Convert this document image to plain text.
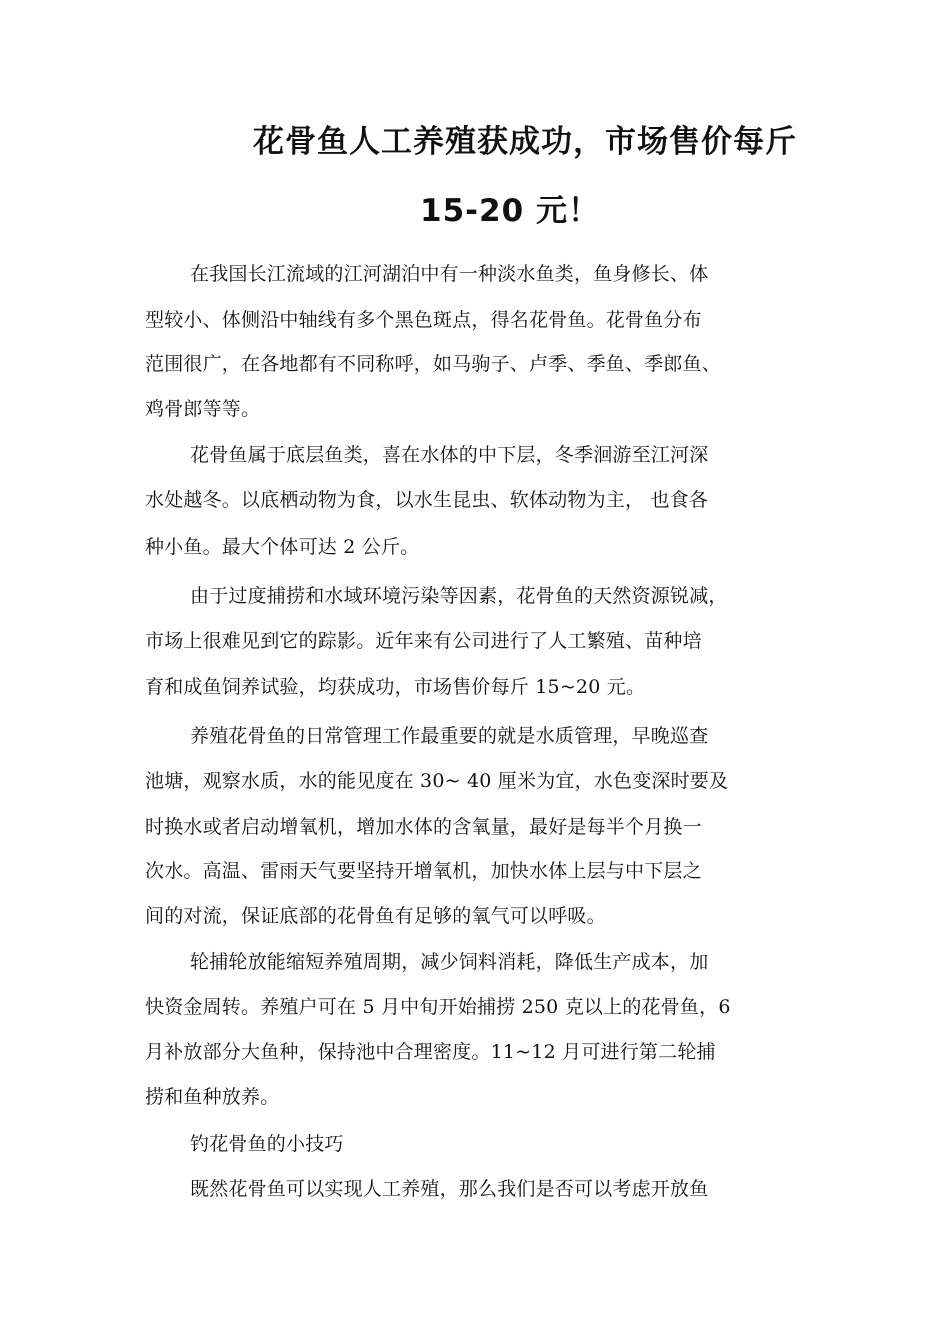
花骨鱼人工养殖获成功，市场售价每斤
15-20 元！
在我国长江流域的江河湖泊中有一种淡水鱼类，鱼身修长、体
型较小、体侧沿中轴线有多个黑色斑点，得名花骨鱼。花骨鱼分布
范围很广，在各地都有不同称呼，如马驹子、卢季、季鱼、季郎鱼、
鸡骨郎等等。
花骨鱼属于底层鱼类，喜在水体的中下层，冬季洄游至江河深
水处越冬。以底栖动物为食，以水生昆虫、软体动物为主， 也食各
种小鱼。最大个体可达 2 公斤。
由于过度捕捞和水域环境污染等因素，花骨鱼的天然资源锐减，
市场上很难见到它的踪影。近年来有公司进行了人工繁殖、苗种培
育和成鱼饲养试验，均获成功，市场售价每斤 15~20 元。
养殖花骨鱼的日常管理工作最重要的就是水质管理，早晚巡查
池塘，观察水质，水的能见度在 30~ 40 厘米为宜，水色变深时要及
时换水或者启动增氧机，增加水体的含氧量，最好是每半个月换一
次水。高温、雷雨天气要坚持开增氧机，加快水体上层与中下层之
间的对流，保证底部的花骨鱼有足够的氧气可以呼吸。
轮捕轮放能缩短养殖周期，减少饲料消耗，降低生产成本，加
快资金周转。养殖户可在 5 月中旬开始捕捞 250 克以上的花骨鱼，6
月补放部分大鱼种，保持池中合理密度。11~12 月可进行第二轮捕
捞和鱼种放养。
钓花骨鱼的小技巧
既然花骨鱼可以实现人工养殖，那么我们是否可以考虑开放鱼
